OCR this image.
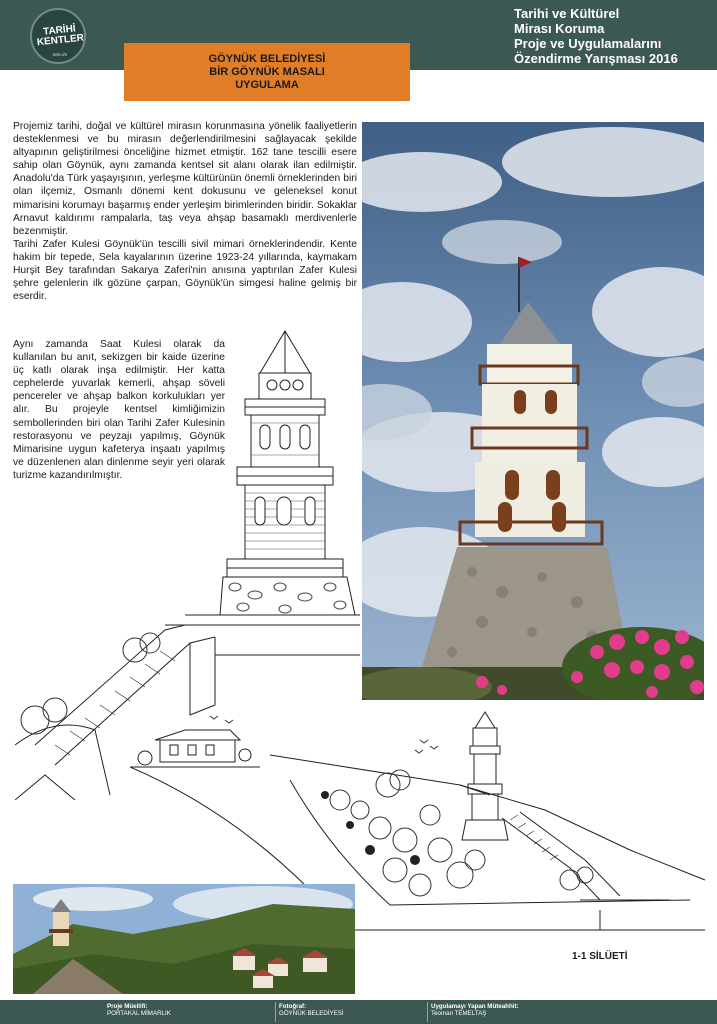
TARİHİ KENTLER
BİRLİĞİ
Tarihi ve Kültürel
Mirası Koruma
Proje ve Uygulamalarını
Özendirme Yarışması 2016
GÖYNÜK BELEDİYESİ
BİR GÖYNÜK MASALI
UYGULAMA

Projemiz tarihi, doğal ve kültürel mirasın korunmasına yönelik faaliyetlerin desteklenmesi ve bu mirasın değerlendirilmesini sağlayacak şekilde altyapının geliştirilmesi önceliğine hizmet etmiştir. 162 tane tescilli esere sahip olan Göynük, aynı zamanda kentsel sit alanı olarak ilan edilmiştir. Anadolu'da Türk yaşayışının, yerleşme kültürünün önemli örneklerinden biri olan ilçemiz, Osmanlı dönemi kent dokusunu ve geleneksel konut mimarisini korumayı başarmış ender yerleşim birimlerinden biridir. Sokaklar Arnavut kaldırımı rampalarla, taş veya ahşap basamaklı merdivenlerle bezenmiştir.

Tarihi Zafer Kulesi Göynük'ün tescilli sivil mimari örneklerindendir. Kente hakim bir tepede, Sela kayalarının üzerine 1923-24 yıllarında, kaymakam Hurşit Bey tarafından Sakarya Zaferi'nin anısına yaptırılan Zafer Kulesi şehre gelenlerin ilk gözüne çarpan, Göynük'ün simgesi haline gelmiş bir eserdir.

Aynı zamanda Saat Kulesi olarak da kullanılan bu anıt, sekizgen bir kaide üzerine üç katlı olarak inşa edilmiştir. Her katta cephelerde yuvarlak kemerli, ahşap söveli pencereler ve ahşap balkon korkulukları yer alır. Bu projeyle kentsel kimliğimizin sembollerinden biri olan Tarihi Zafer Kulesinin restorasyonu ve peyzajı yapılmış, Göynük Mimarisine uygun kafeterya inşaatı yapılmış ve düzenlenen alan dinlenme seyir yeri olarak turizme kazandırılmıştır.
1-1 SİLÜETİ
Proje Müellifi:
PORTAKAL MİMARLIK
Fotoğraf:
GÖYNÜK BELEDİYESİ
Uygulamayı Yapan Müteahhit:
Teoman TEMELTAŞ
